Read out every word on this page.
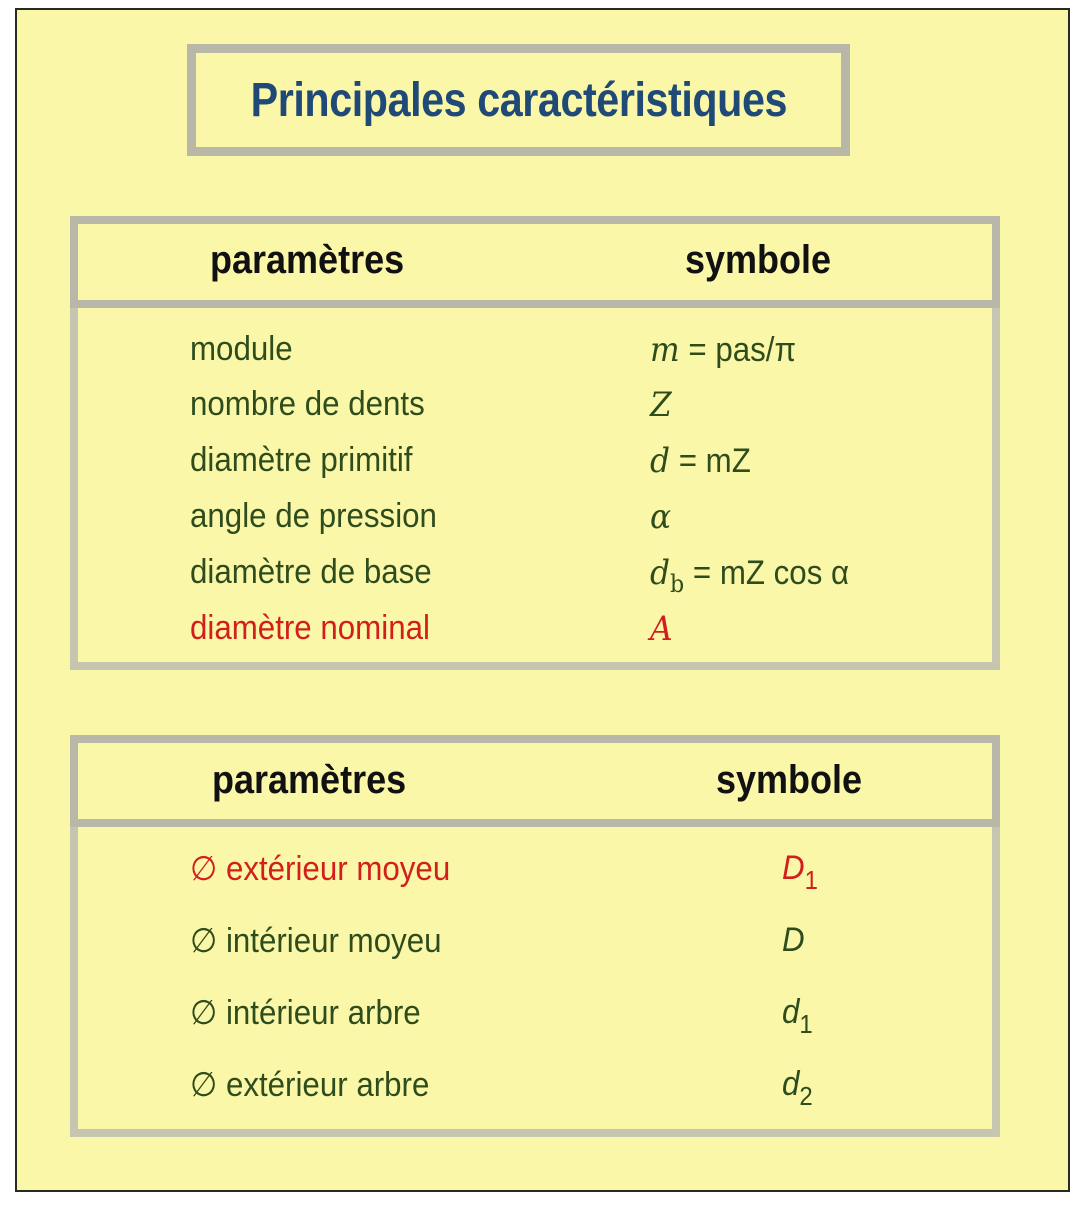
Principales caractéristiques
paramètres	symbole
module	m = pas/π
nombre de dents	Z
diamètre primitif	d = mZ
angle de pression	α
diamètre de base	$d_b$ = mZ cos α
diamètre nominal	A
paramètres	symbole
∅ extérieur moyeu	$D_1$
∅ intérieur moyeu	D
∅ intérieur arbre	$d_1$
∅ extérieur arbre	$d_2$
